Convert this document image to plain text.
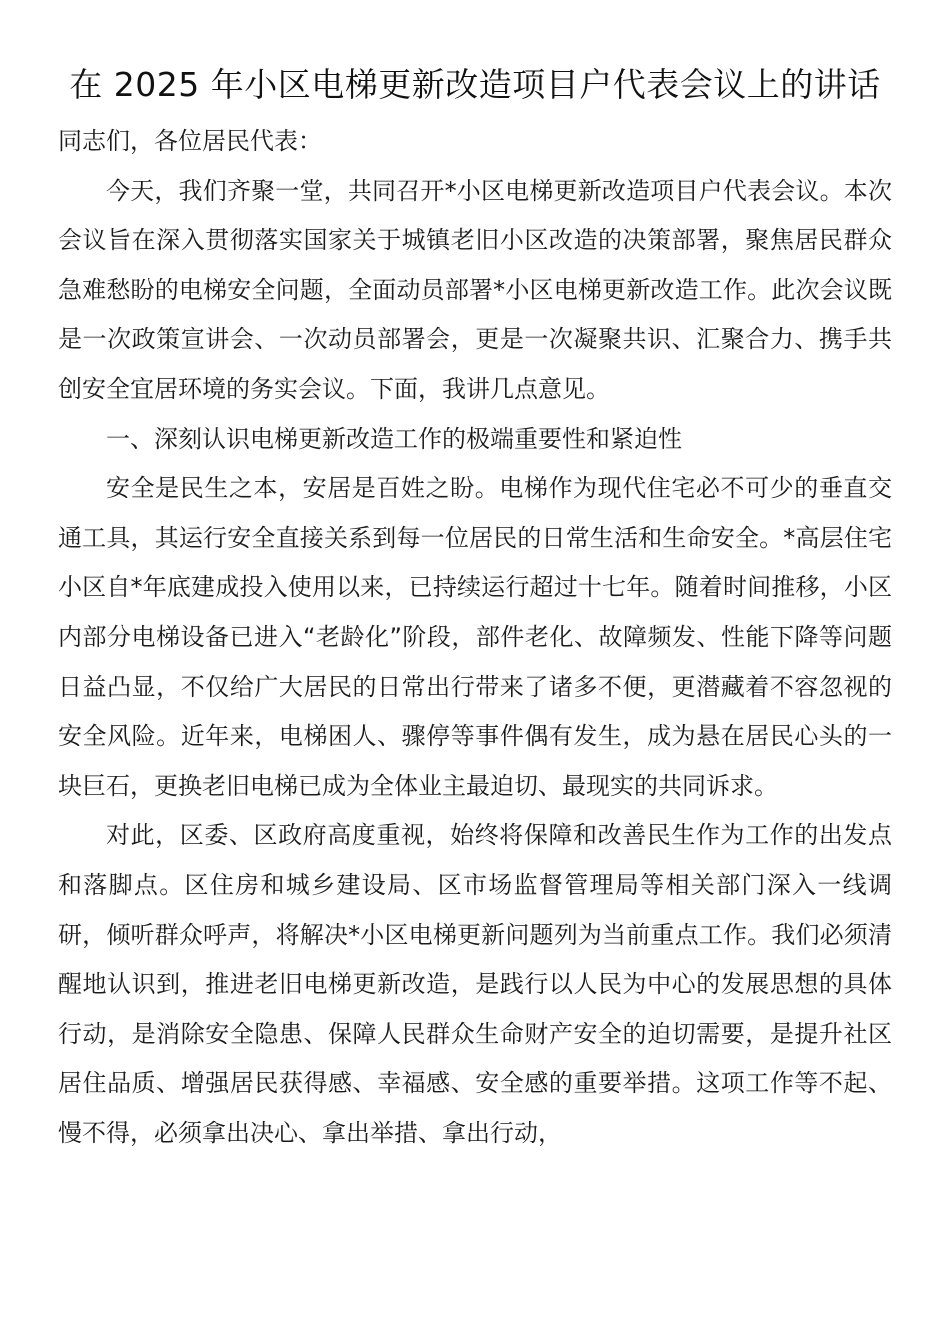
在 2025 年小区电梯更新改造项目户代表会议上的讲话

同志们，各位居民代表：

今天，我们齐聚一堂，共同召开*小区电梯更新改造项目户代表会议。本次会议旨在深入贯彻落实国家关于城镇老旧小区改造的决策部署，聚焦居民群众急难愁盼的电梯安全问题，全面动员部署*小区电梯更新改造工作。此次会议既是一次政策宣讲会、一次动员部署会，更是一次凝聚共识、汇聚合力、携手共创安全宜居环境的务实会议。下面，我讲几点意见。

一、深刻认识电梯更新改造工作的极端重要性和紧迫性

安全是民生之本，安居是百姓之盼。电梯作为现代住宅必不可少的垂直交通工具，其运行安全直接关系到每一位居民的日常生活和生命安全。*高层住宅小区自*年底建成投入使用以来，已持续运行超过十七年。随着时间推移，小区内部分电梯设备已进入“老龄化”阶段，部件老化、故障频发、性能下降等问题日益凸显，不仅给广大居民的日常出行带来了诸多不便，更潜藏着不容忽视的安全风险。近年来，电梯困人、骤停等事件偶有发生，成为悬在居民心头的一块巨石，更换老旧电梯已成为全体业主最迫切、最现实的共同诉求。

对此，区委、区政府高度重视，始终将保障和改善民生作为工作的出发点和落脚点。区住房和城乡建设局、区市场监督管理局等相关部门深入一线调研，倾听群众呼声，将解决*小区电梯更新问题列为当前重点工作。我们必须清醒地认识到，推进老旧电梯更新改造，是践行以人民为中心的发展思想的具体行动，是消除安全隐患、保障人民群众生命财产安全的迫切需要，是提升社区居住品质、增强居民获得感、幸福感、安全感的重要举措。这项工作等不起、慢不得，必须拿出决心、拿出举措、拿出行动，
